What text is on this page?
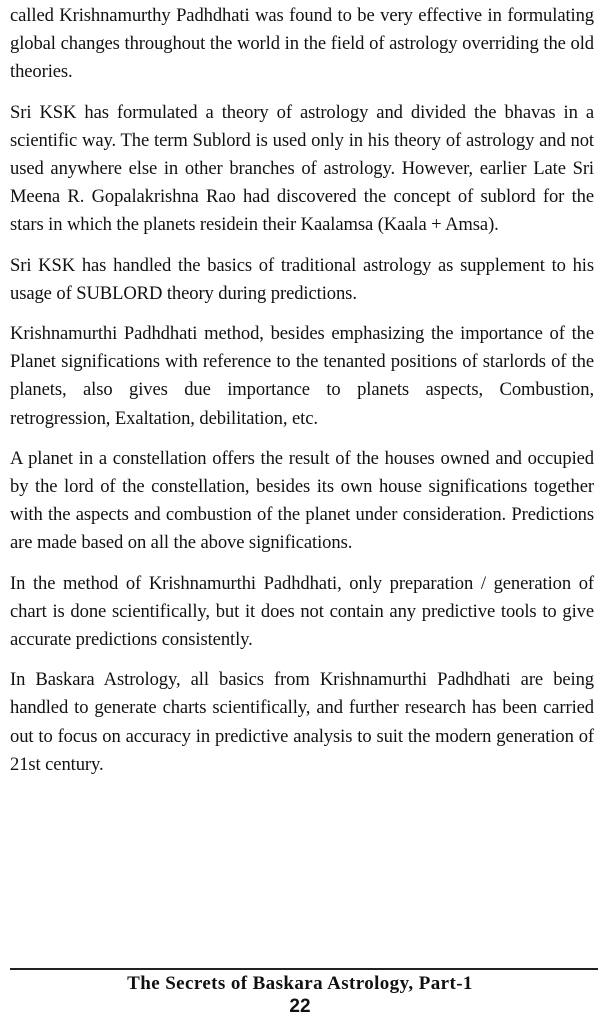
called Krishnamurthy Padhdhati was found to be very effective in formulating global changes throughout the world in the field of astrology overriding the old theories.

Sri KSK has formulated a theory of astrology and divided the bhavas in a scientific way. The term Sublord is used only in his theory of astrology and not used anywhere else in other branches of astrology. However, earlier Late Sri Meena R. Gopalakrishna Rao had discovered the concept of sublord for the stars in which the planets residein their Kaalamsa (Kaala + Amsa).

Sri KSK has handled the basics of traditional astrology as supplement to his usage of SUBLORD theory during predictions.

Krishnamurthi Padhdhati method, besides emphasizing the importance of the Planet significations with reference to the tenanted positions of starlords of the planets, also gives due importance to planets aspects, Combustion, retrogression, Exaltation, debilitation, etc.

A planet in a constellation offers the result of the houses owned and occupied by the lord of the constellation, besides its own house significations together with the aspects and combustion of the planet under consideration. Predictions are made based on all the above significations.

In the method of Krishnamurthi Padhdhati, only preparation / generation of chart is done scientifically, but it does not contain any predictive tools to give accurate predictions consistently.

In Baskara Astrology, all basics from Krishnamurthi Padhdhati are being handled to generate charts scientifically, and further research has been carried out to focus on accuracy in predictive analysis to suit the modern generation of 21st century.

The Secrets of Baskara Astrology, Part-1
22
